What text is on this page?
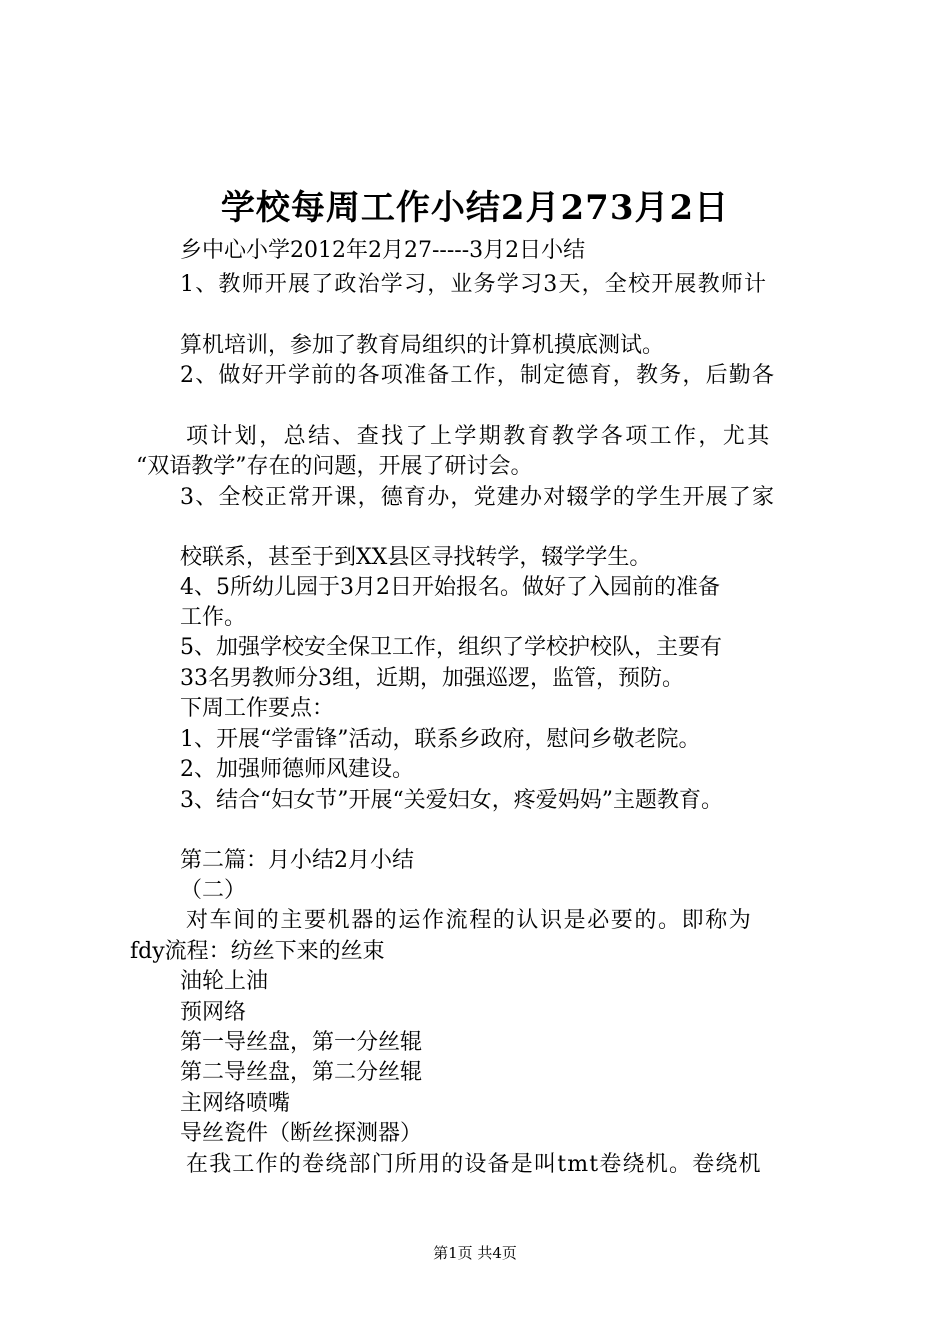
学校每周工作小结2月273月2日
乡中心小学2012年2月27-----3月2日小结
1、教师开展了政治学习，业务学习3天，全校开展教师计
算机培训，参加了教育局组织的计算机摸底测试。
2、做好开学前的各项准备工作，制定德育，教务，后勤各
项计划，总结、查找了上学期教育教学各项工作，尤其
“双语教学”存在的问题，开展了研讨会。
3、全校正常开课，德育办，党建办对辍学的学生开展了家
校联系，甚至于到XX县区寻找转学，辍学学生。
4、5所幼儿园于3月2日开始报名。做好了入园前的准备
工作。
5、加强学校安全保卫工作，组织了学校护校队，主要有
33名男教师分3组，近期，加强巡逻，监管，预防。
下周工作要点：
1、开展“学雷锋”活动，联系乡政府，慰问乡敬老院。
2、加强师德师风建设。
3、结合“妇女节”开展“关爱妇女，疼爱妈妈”主题教育。
第二篇：月小结2月小结
（二）
对车间的主要机器的运作流程的认识是必要的。即称为
fdy流程：纺丝下来的丝束
油轮上油
预网络
第一导丝盘，第一分丝辊
第二导丝盘，第二分丝辊
主网络喷嘴
导丝瓷件（断丝探测器）
在我工作的卷绕部门所用的设备是叫tmt卷绕机。卷绕机
第1页 共4页
